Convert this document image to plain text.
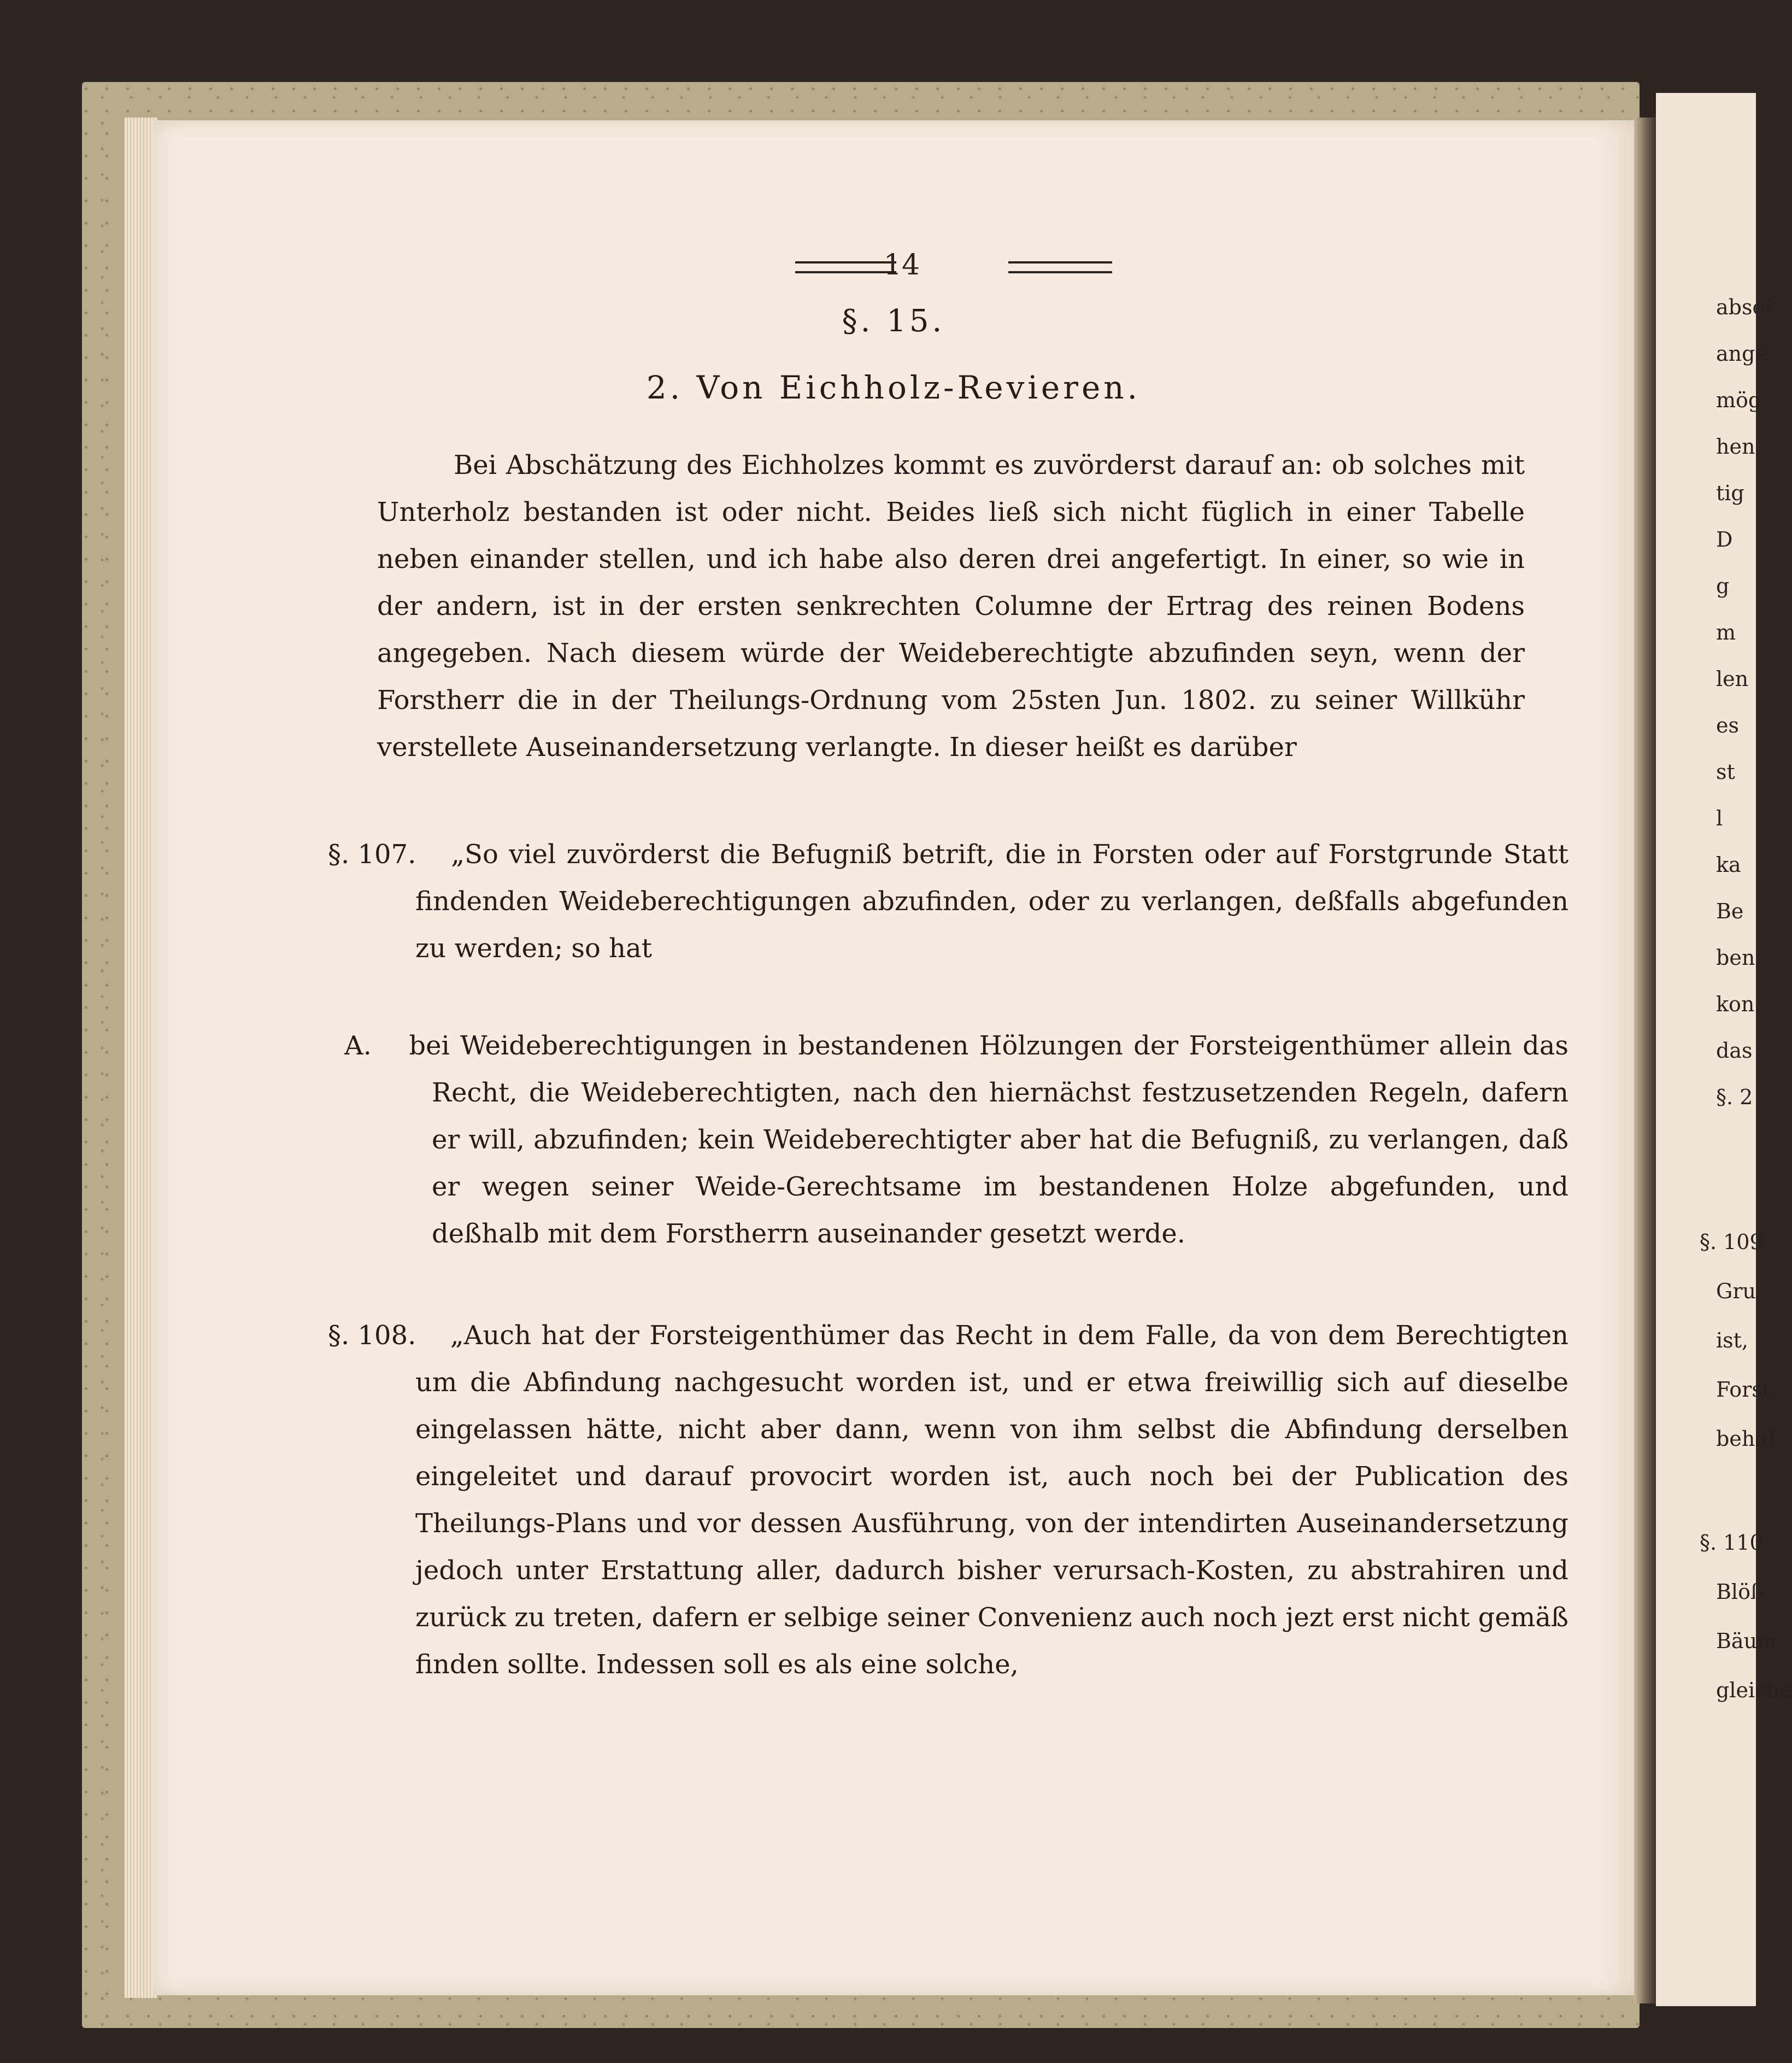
absei
ange
mög
hen
tig
D
g
m
len
es
st
l
ka
Be
ben
kon
das
§. 2
§. 109
Gru
ist,
Forst
behal
§. 110
Blöß
Bäum
gleiche
14
§. 15.
2. Von Eichholz-Revieren.

Bei Abschätzung des Eichholzes kommt es zuvörderst darauf an: ob solches mit Unterholz bestanden ist oder nicht. Beides ließ sich nicht füglich in einer Tabelle neben einander stellen, und ich habe also deren drei angefertigt. In einer, so wie in der andern, ist in der ersten senkrechten Columne der Ertrag des reinen Bodens angegeben. Nach diesem würde der Weideberechtigte abzufinden seyn, wenn der Forstherr die in der Theilungs-Ordnung vom 25sten Jun. 1802. zu seiner Willkühr verstellete Auseinandersetzung verlangte. In dieser heißt es darüber

§. 107. „So viel zuvörderst die Befugniß betrift, die in Forsten oder auf Forstgrunde Statt findenden Weideberechtigungen abzufinden, oder zu verlangen, deßfalls abgefunden zu werden; so hat

bei Weideberechtigungen in bestandenen Hölzungen der Forsteigenthümer allein das Recht, die Weideberechtigten, nach den hiernächst festzusetzenden Regeln, dafern er will, abzufinden; kein Weideberechtigter aber hat die Befugniß, zu verlangen, daß er wegen seiner Weide-Gerechtsame im bestandenen Holze abgefunden, und deßhalb mit dem Forstherrn auseinander gesetzt werde.

§. 108. „Auch hat der Forsteigenthümer das Recht in dem Falle, da von dem Berechtigten um die Abfindung nachgesucht worden ist, und er etwa freiwillig sich auf dieselbe eingelassen hätte, nicht aber dann, wenn von ihm selbst die Abfindung derselben eingeleitet und darauf provocirt worden ist, auch noch bei der Publication des Theilungs-Plans und vor dessen Ausführung, von der intendirten Auseinandersetzung jedoch unter Erstattung aller, dadurch bisher verursach-Kosten, zu abstrahiren und zurück zu treten, dafern er selbige seiner Convenienz auch noch jezt erst nicht gemäß finden sollte. Indessen soll es als eine solche,
